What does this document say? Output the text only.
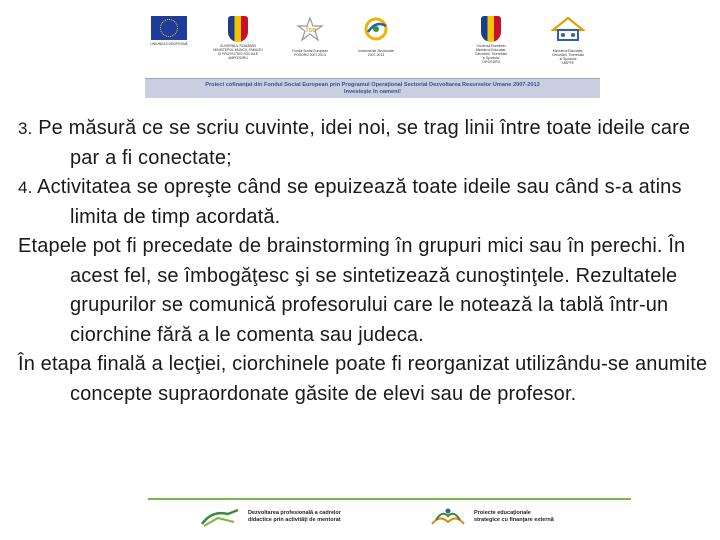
UNIUNEA EUROPEANĂ	GUVERNUL ROMÂNIEI
MINISTERUL MUNCII, FAMILIEI
ȘI PROTECȚIEI SOCIALE
AMPOSDRU
fse
Fondul Social European
POSDRU 2007-2013
Instrumente Structurale
2007-2013
Guvernul României
Ministerul Educației,
Cercetării, Tineretului
și Sportului
OIPOSDRU
Ministerul Educației,
Cercetării, Tineretului
și Sportului
UMPFE
Proiect cofinanţat din Fondul Social European prin Programul Operaţional Sectorial Dezvoltarea Resurselor Umane 2007-2013
Investeşte în oameni!

3. Pe măsură ce se scriu cuvinte, idei noi, se trag linii între toate ideile care par a fi conectate;

4. Activitatea se opreşte când se epuizează toate ideile sau când s-a atins limita de timp acordată.

Etapele pot fi precedate de brainstorming în grupuri mici sau în perechi. În acest fel, se îmbogăţesc şi se sintetizează cunoştinţele. Rezultatele grupurilor se comunică profesorului care le notează la tablă într-un ciorchine fără a le comenta sau judeca.

În etapa finală a lecţiei, ciorchinele poate fi reorganizat utilizându-se anumite concepte supraordonate găsite de elevi sau de profesor.

Dezvoltarea profesională a cadrelor
didactice prin activităţi de mentorat
Proiecte educaţionale
strategice cu finanţare externă
